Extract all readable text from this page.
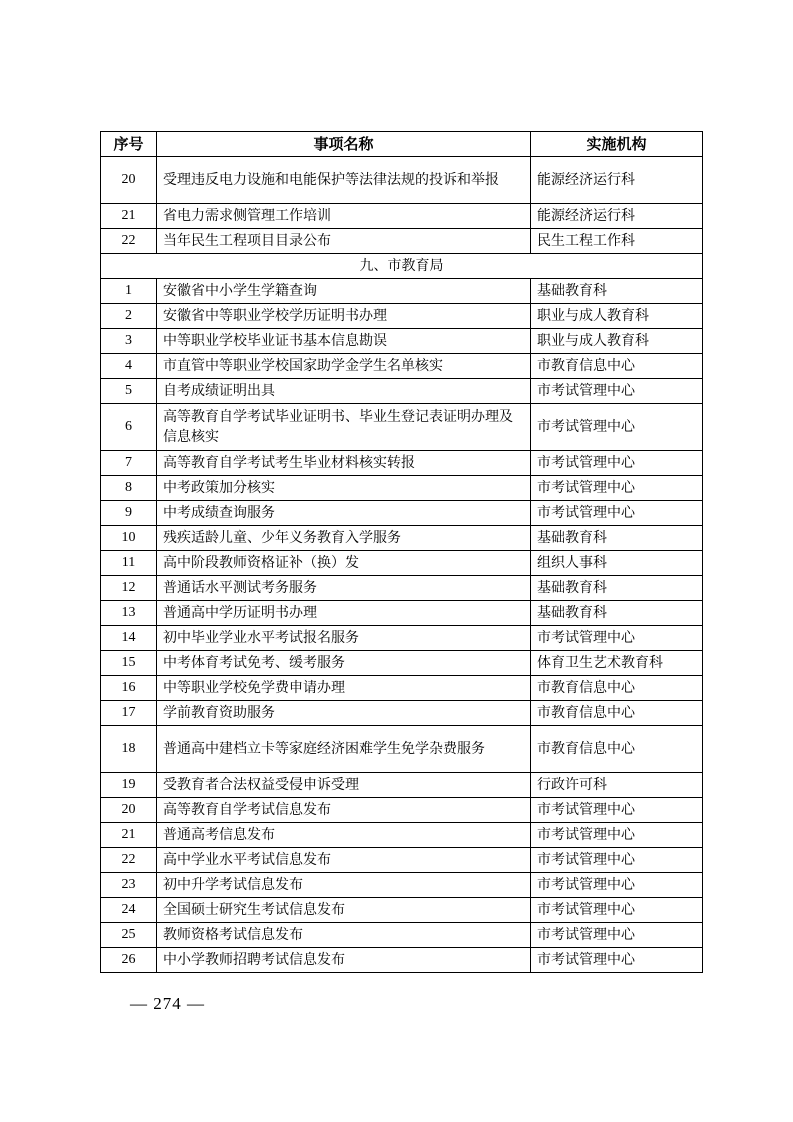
序号	事项名称	实施机构
20	受理违反电力设施和电能保护等法律法规的投诉和举报	能源经济运行科
21	省电力需求侧管理工作培训	能源经济运行科
22	当年民生工程项目目录公布	民生工程工作科
九、市教育局		
1	安徽省中小学生学籍查询	基础教育科
2	安徽省中等职业学校学历证明书办理	职业与成人教育科
3	中等职业学校毕业证书基本信息勘误	职业与成人教育科
4	市直管中等职业学校国家助学金学生名单核实	市教育信息中心
5	自考成绩证明出具	市考试管理中心
6	高等教育自学考试毕业证明书、毕业生登记表证明办理及信息核实	市考试管理中心
7	高等教育自学考试考生毕业材料核实转报	市考试管理中心
8	中考政策加分核实	市考试管理中心
9	中考成绩查询服务	市考试管理中心
10	残疾适龄儿童、少年义务教育入学服务	基础教育科
11	高中阶段教师资格证补（换）发	组织人事科
12	普通话水平测试考务服务	基础教育科
13	普通高中学历证明书办理	基础教育科
14	初中毕业学业水平考试报名服务	市考试管理中心
15	中考体育考试免考、缓考服务	体育卫生艺术教育科
16	中等职业学校免学费申请办理	市教育信息中心
17	学前教育资助服务	市教育信息中心
18	普通高中建档立卡等家庭经济困难学生免学杂费服务	市教育信息中心
19	受教育者合法权益受侵申诉受理	行政许可科
20	高等教育自学考试信息发布	市考试管理中心
21	普通高考信息发布	市考试管理中心
22	高中学业水平考试信息发布	市考试管理中心
23	初中升学考试信息发布	市考试管理中心
24	全国硕士研究生考试信息发布	市考试管理中心
25	教师资格考试信息发布	市考试管理中心
26	中小学教师招聘考试信息发布	市考试管理中心
— 274 —
